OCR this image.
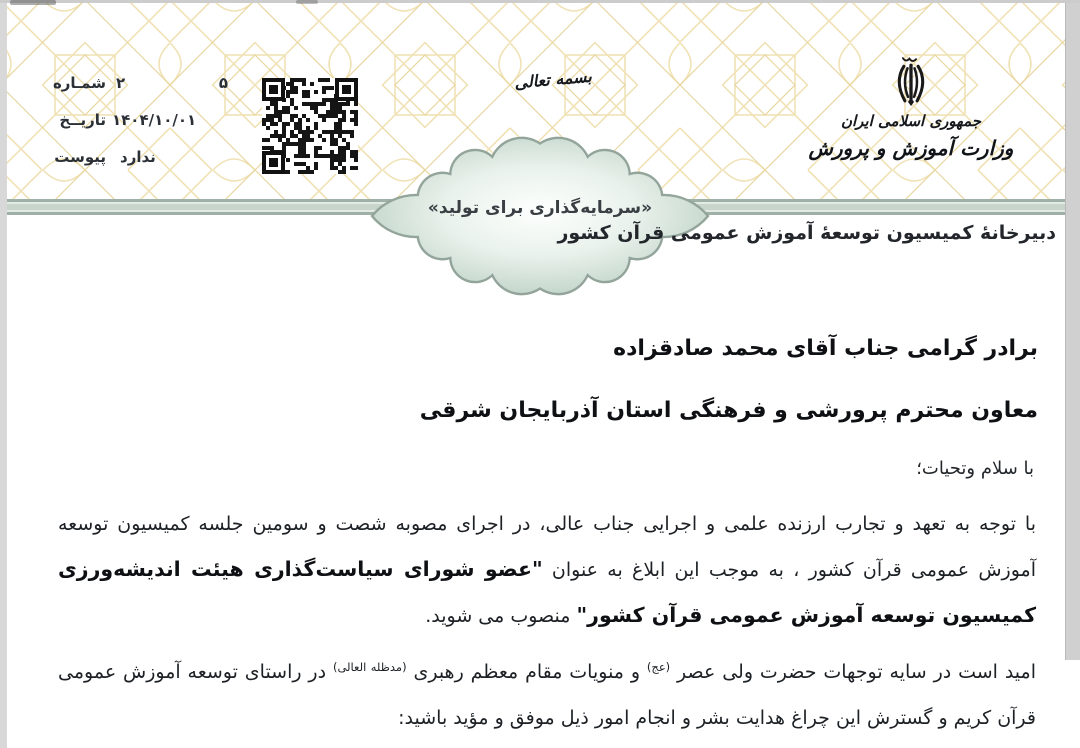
«سرمایه‌گذاری برای تولید»
شمـاره ۲	۵
تاریــخ ۱۴۰۴/۱۰/۰۱
پیوست ندارد
بسمه تعالی
جمهوری اسلامی ایران
وزارت آموزش و پرورش
دبیرخانهٔ کمیسیون توسعهٔ آموزش عمومی قرآن کشور
برادر گرامی جناب آقای محمد صادقزاده
معاون محترم پرورشی و فرهنگی استان آذربایجان شرقی
با سلام وتحیات؛
با توجه به تعهد و تجارب ارزنده علمی و اجرایی جناب عالی، در اجرای مصوبه شصت و سومین جلسه کمیسیون توسعه آموزش عمومی قرآن کشور ، به موجب این ابلاغ به عنوان "عضو شورای سیاست‌گذاری هیئت اندیشه‌ورزی کمیسیون توسعه آموزش عمومی قرآن کشور" منصوب می شوید.
امید است در سایه توجهات حضرت ولی عصر $^{(عج)}$ و منویات مقام معظم رهبری $^{(مدظله العالی)}$ در راستای توسعه آموزش عمومی قرآن کریم و گسترش این چراغ هدایت بشر و انجام امور ذیل موفق و مؤید باشید:
